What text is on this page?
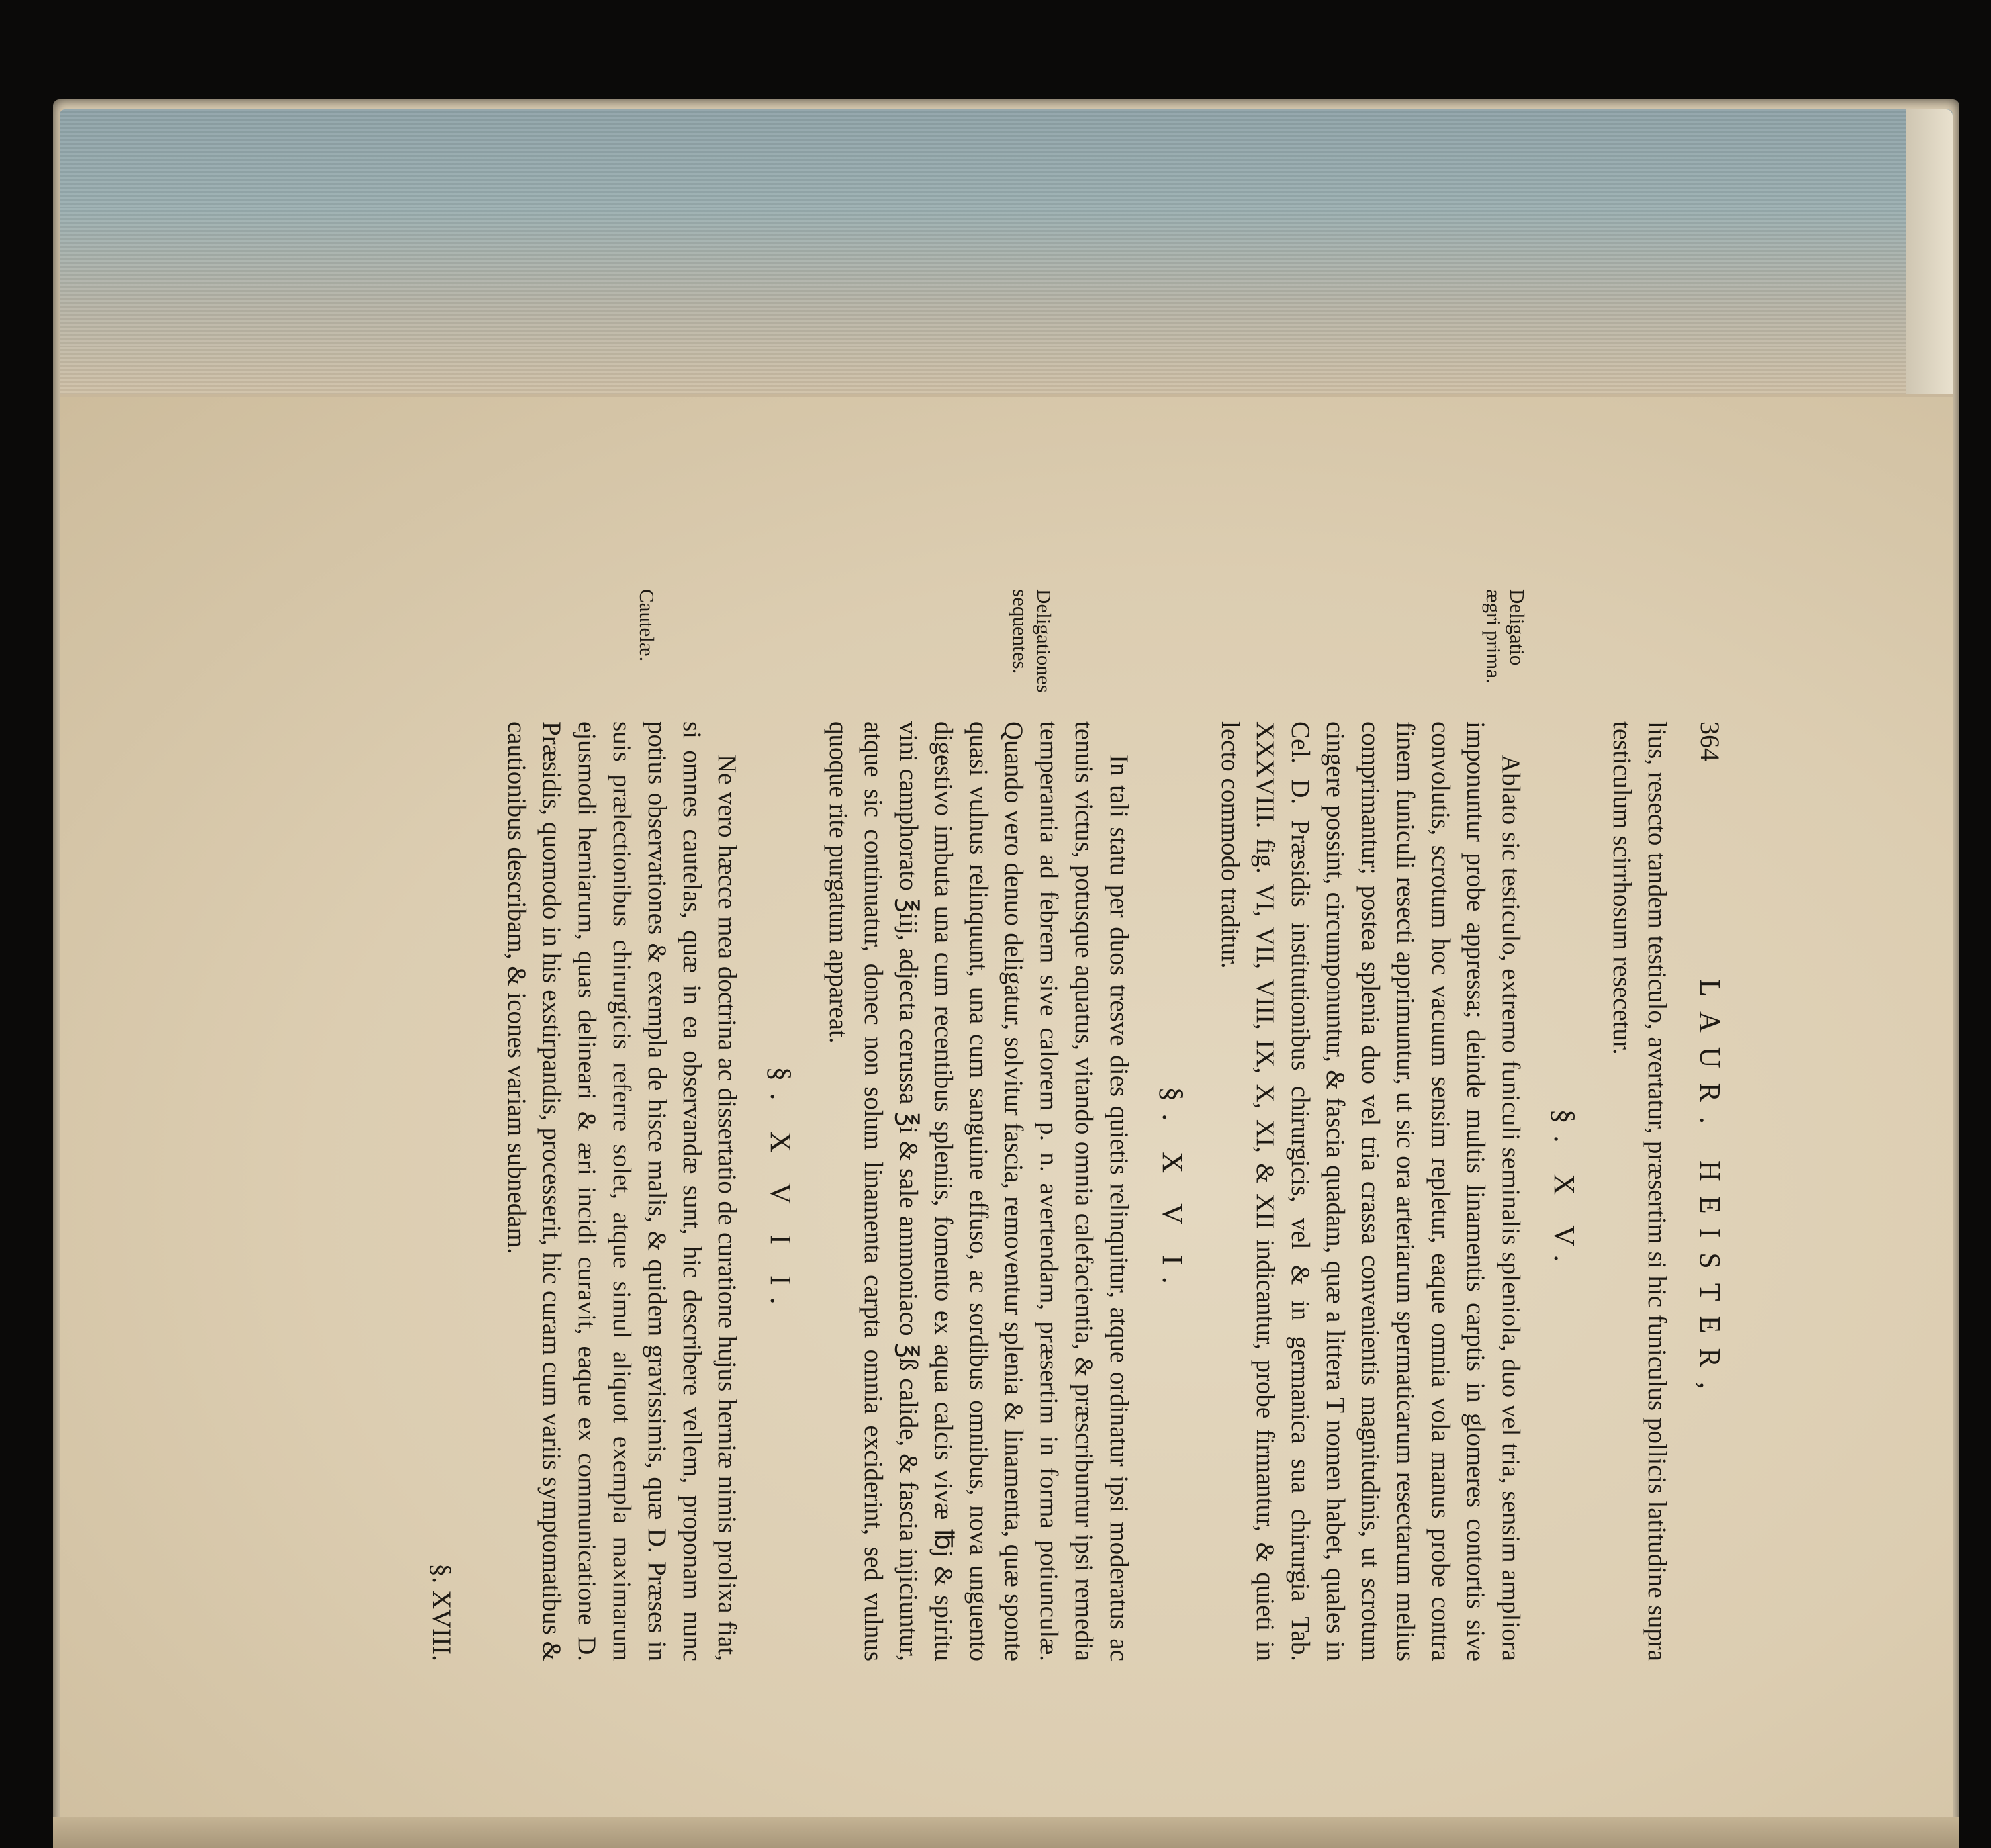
364
LAUR. HEISTER,

lius, resecto tandem testiculo, avertatur, præsertim si hic funiculus pollicis latitudine supra testiculum scirrhosum resecetur.

§. X V.

Ablato sic testiculo, extremo funiculi seminalis spleniola, duo vel tria, sensim ampliora imponuntur probe appressa; deinde multis linamentis carptis in glomeres contortis sive convolutis, scrotum hoc vacuum sensim repletur, eaque omnia vola manus probe contra finem funiculi resecti apprimuntur, ut sic ora arteriarum spermaticarum resectarum melius comprimantur; postea splenia duo vel tria crassa convenientis magnitudinis, ut scrotum cingere possint, circumponuntur, & fascia quadam, quæ a littera T nomen habet, quales in Cel. D. Præsidis institutionibus chirurgicis, vel & in germanica sua chirurgia Tab. XXXVIII. fig. VI, VII, VIII, IX, X, XI, & XII indicantur, probe firmantur, & quieti in lecto commodo traditur.

§. X V I.

In tali statu per duos tresve dies quietis relinquitur, atque ordinatur ipsi moderatus ac tenuis victus, potusque aquatus, vitando omnia calefacientia, & præscribuntur ipsi remedia temperantia ad febrem sive calorem p. n. avertendam, præsertim in forma potiunculæ. Quando vero denuo deligatur, solvitur fascia, removentur splenia & linamenta, quæ sponte quasi vulnus relinquunt, una cum sanguine effuso, ac sordibus omnibus, nova unguento digestivo imbuta una cum recentibus spleniis, fomento ex aqua calcis vivæ ℔j & spiritu vini camphorato ℥iij, adjecta cerussa ℥i & sale ammoniaco ℥ß calide, & fascia injiciuntur, atque sic continuatur, donec non solum linamenta carpta omnia exciderint, sed vulnus quoque rite purgatum appareat.

§. X V I I.

Ne vero hæcce mea doctrina ac dissertatio de curatione hujus herniæ nimis prolixa fiat, si omnes cautelas, quæ in ea observandæ sunt, hic describere vellem, proponam nunc potius observationes & exempla de hisce malis, & quidem gravissimis, quæ D. Præses in suis prælectionibus chirurgicis referre solet, atque simul aliquot exempla maximarum ejusmodi herniarum, quas delineari & æri incidi curavit, eaque ex communicatione D. Præsidis, quomodo in his exstirpandis, processerit, hic curam cum variis symptomatibus & cautionibus describam, & icones variam subnedam.

§. XVIII.
Deligatio ægri prima.
Deligationes sequentes.
Cautelæ.
